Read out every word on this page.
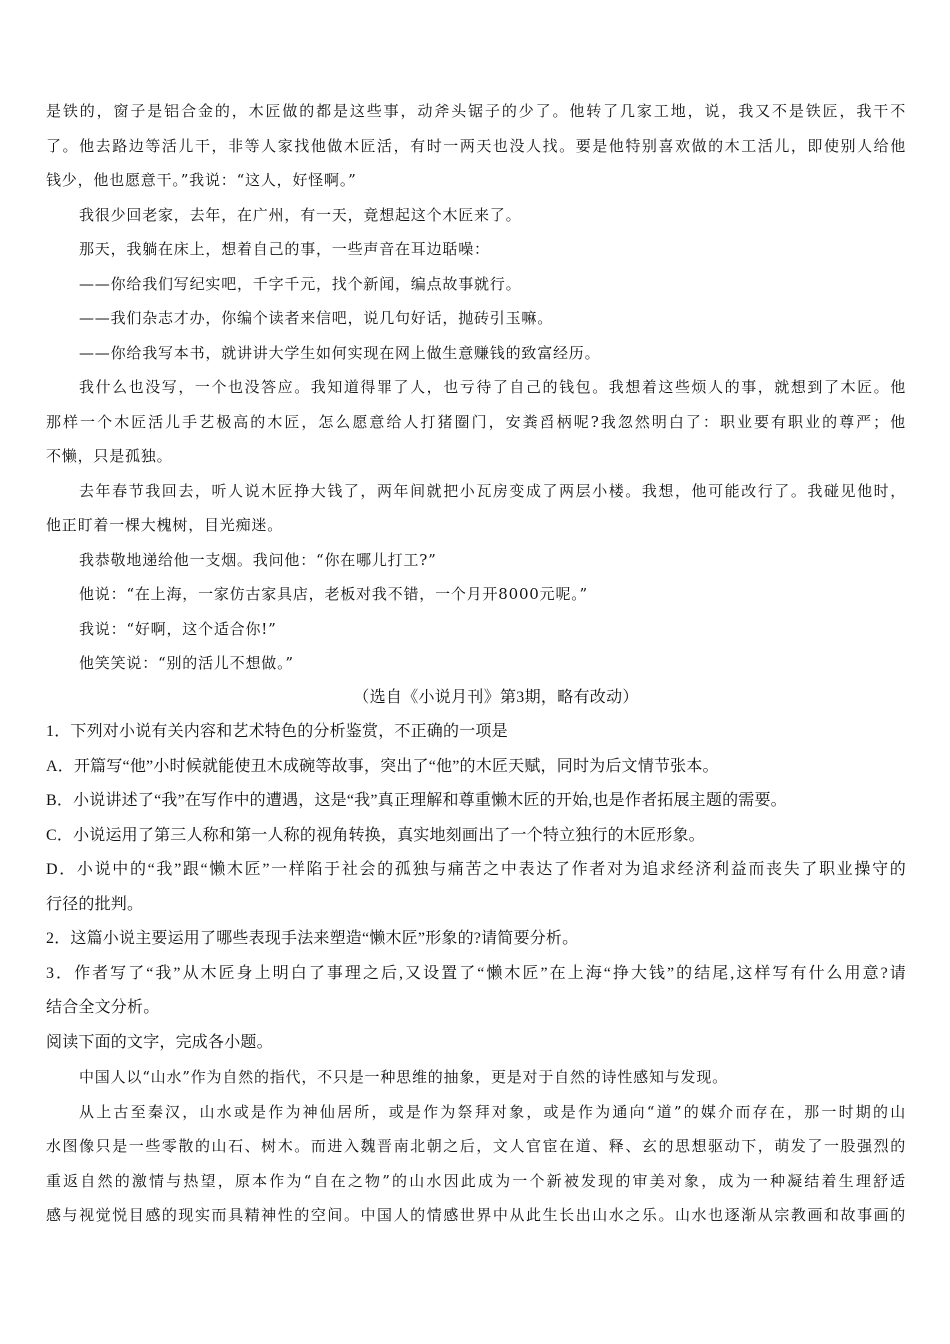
是铁的，窗子是铝合金的，木匠做的都是这些事，动斧头锯子的少了。他转了几家工地，说，我又不是铁匠，我干不
了。他去路边等活儿干，非等人家找他做木匠活，有时一两天也没人找。要是他特别喜欢做的木工活儿，即使别人给他
钱少，他也愿意干。”我说：“这人，好怪啊。”
我很少回老家，去年，在广州，有一天，竟想起这个木匠来了。
那天，我躺在床上，想着自己的事，一些声音在耳边聒噪：
——你给我们写纪实吧，千字千元，找个新闻，编点故事就行。
——我们杂志才办，你编个读者来信吧，说几句好话，抛砖引玉嘛。
——你给我写本书，就讲讲大学生如何实现在网上做生意赚钱的致富经历。
我什么也没写，一个也没答应。我知道得罪了人，也亏待了自己的钱包。我想着这些烦人的事，就想到了木匠。他
那样一个木匠活儿手艺极高的木匠，怎么愿意给人打猪圈门，安粪舀柄呢?我忽然明白了：职业要有职业的尊严；他
不懒，只是孤独。
去年春节我回去，听人说木匠挣大钱了，两年间就把小瓦房变成了两层小楼。我想，他可能改行了。我碰见他时，
他正盯着一棵大槐树，目光痴迷。
我恭敬地递给他一支烟。我问他：“你在哪儿打工?”
他说：“在上海，一家仿古家具店，老板对我不错，一个月开8000元呢。”
我说：“好啊，这个适合你!”
他笑笑说：“别的活儿不想做。”
（选自《小说月刊》第3期，略有改动）
1．下列对小说有关内容和艺术特色的分析鉴赏，不正确的一项是
A．开篇写“他”小时候就能使丑木成碗等故事，突出了“他”的木匠天赋，同时为后文情节张本。
B．小说讲述了“我”在写作中的遭遇，这是“我”真正理解和尊重懒木匠的开始,也是作者拓展主题的需要。
C．小说运用了第三人称和第一人称的视角转换，真实地刻画出了一个特立独行的木匠形象。
D．小说中的“我”跟“懒木匠”一样陷于社会的孤独与痛苦之中表达了作者对为追求经济利益而丧失了职业操守的
行径的批判。
2．这篇小说主要运用了哪些表现手法来塑造“懒木匠”形象的?请简要分析。
3．作者写了“我”从木匠身上明白了事理之后,又设置了“懒木匠”在上海“挣大钱”的结尾,这样写有什么用意?请
结合全文分析。
阅读下面的文字，完成各小题。
中国人以“山水”作为自然的指代，不只是一种思维的抽象，更是对于自然的诗性感知与发现。
从上古至秦汉，山水或是作为神仙居所，或是作为祭拜对象，或是作为通向“道”的媒介而存在，那一时期的山
水图像只是一些零散的山石、树木。而进入魏晋南北朝之后，文人官宦在道、释、玄的思想驱动下，萌发了一股强烈的
重返自然的激情与热望，原本作为“自在之物”的山水因此成为一个新被发现的审美对象，成为一种凝结着生理舒适
感与视觉悦目感的现实而具精神性的空间。中国人的情感世界中从此生长出山水之乐。山水也逐渐从宗教画和故事画的
